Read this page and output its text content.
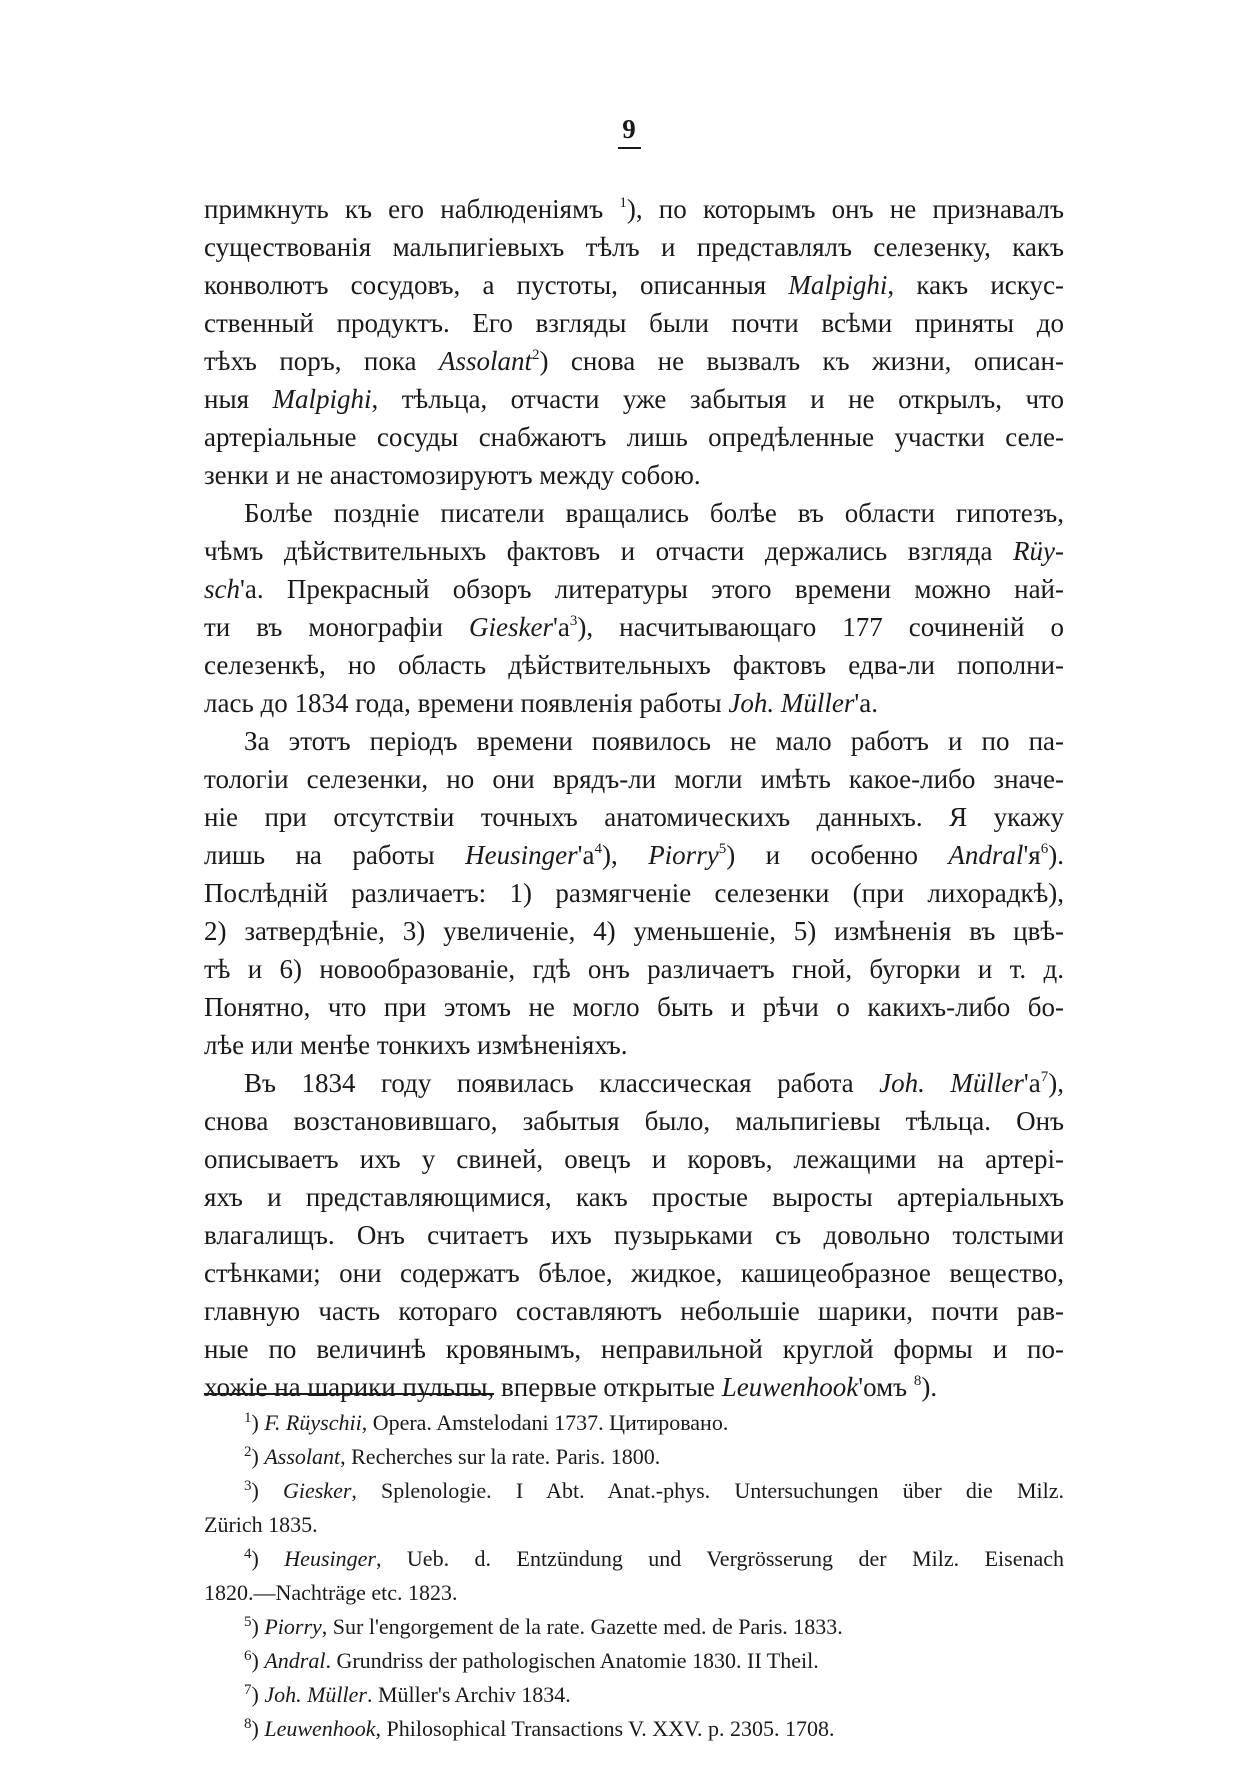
9
примкнуть къ его наблюденіямъ $^1$), по которымъ онъ не признавалъ
существованія мальпигіевыхъ тѣлъ и представлялъ селезенку, какъ
конволютъ сосудовъ, а пустоты, описанныя Malpighi, какъ искус-
ственный продуктъ. Его взгляды были почти всѣми приняты до
тѣхъ поръ, пока Assolant$^2$) снова не вызвалъ къ жизни, описан-
ныя Malpighi, тѣльца, отчасти уже забытыя и не открылъ, что
артеріальные сосуды снабжаютъ лишь опредѣленные участки селе-
зенки и не анастомозируютъ между собою.
Болѣе поздніе писатели вращались болѣе въ области гипотезъ,
чѣмъ дѣйствительныхъ фактовъ и отчасти держались взгляда Rüy-
sch'а. Прекрасный обзоръ литературы этого времени можно най-
ти въ монографіи $Giesker'а^3$), насчитывающаго 177 сочиненій о
селезенкѣ, но область дѣйствительныхъ фактовъ едва-ли пополни-
лась до 1834 года, времени появленія работы Joh. Müller'а.
За этотъ періодъ времени появилось не мало работъ и по па-
тологіи селезенки, но они врядъ-ли могли имѣть какое-либо значе-
ніе при отсутствіи точныхъ анатомическихъ данныхъ. Я укажу
лишь на работы $Heusinger'а^4$), Piorry$^5$) и особенно $Andral'я^6$).
Послѣдній различаетъ: 1) размягченіе селезенки (при лихорадкѣ),
2) затвердѣніе, 3) увеличеніе, 4) уменьшеніе, 5) измѣненія въ цвѣ-
тѣ и 6) новообразованіе, гдѣ онъ различаетъ гной, бугорки и т. д.
Понятно, что при этомъ не могло быть и рѣчи о какихъ-либо бо-
лѣе или менѣе тонкихъ измѣненіяхъ.
Въ 1834 году появилась классическая работа Joh. $Müller'а^7$),
снова возстановившаго, забытыя было, мальпигіевы тѣльца. Онъ
описываетъ ихъ у свиней, овецъ и коровъ, лежащими на артері-
яхъ и представляющимися, какъ простые выросты артеріальныхъ
влагалищъ. Онъ считаетъ ихъ пузырьками съ довольно толстыми
стѣнками; они содержатъ бѣлое, жидкое, кашицеобразное вещество,
главную часть котораго составляютъ небольшіе шарики, почти рав-
ные по величинѣ кровянымъ, неправильной круглой формы и по-
хожіе на шарики пульпы, впервые открытые Leuwenhook'омъ $^8$).
$^1$) F. Rüyschii, Opera. Amstelodani 1737. Цитировано.
$^2$) Assolant, Recherches sur la rate. Paris. 1800.
$^3$) Giesker, Splenologie. I Abt. Anat.-phys. Untersuchungen über die Milz.
Zürich 1835.
$^4$) Heusinger, Ueb. d. Entzündung und Vergrösserung der Milz. Eisenach
1820.—Nachträge etc. 1823.
$^5$) Piorry, Sur l'engorgement de la rate. Gazette med. de Paris. 1833.
$^6$) Andral. Grundriss der pathologischen Anatomie 1830. II Theil.
$^7$) Joh. Müller. Müller's Archiv 1834.
$^8$) Leuwenhook, Philosophical Transactions V. XXV. p. 2305. 1708.
